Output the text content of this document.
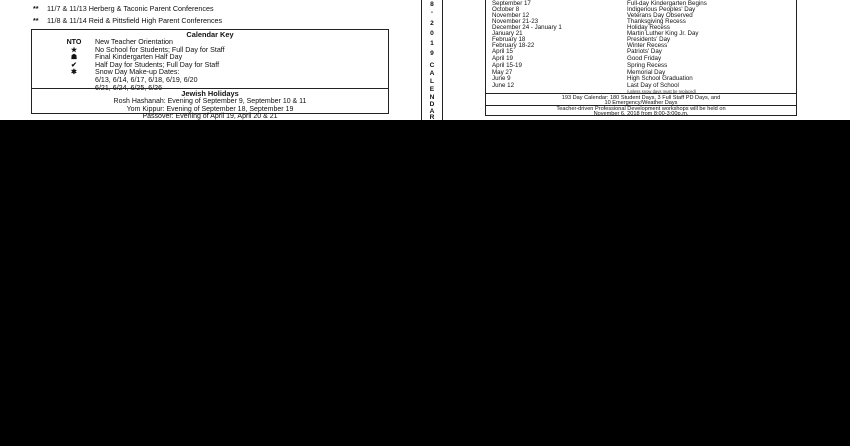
** 11/7 & 11/13 Herberg & Taconic Parent Conferences
** 11/8 & 11/14 Reid & Pittsfield High Parent Conferences
Calendar Key
NTO	New Teacher Orientation
★	No School for Students; Full Day for Staff
☗	Final Kindergarten Half Day
✔	Half Day for Students; Full Day for Staff
✱	Snow Day Make-up Dates:
6/13, 6/14, 6/17, 6/18, 6/19, 6/20
6/21, 6/24, 6/25, 6/26
Jewish Holidays
Rosh Hashanah: Evening of September 9, September 10 & 11
Yom Kippur: Evening of September 18, September 19
Passover: Evening of April 19, April 20 & 21
8
-
2
0
1
9
C
A
L
E
N
D
A
R
September 17	Full-day Kindergarten Begins
October 8	Indigenous Peoples' Day
November 12	Veterans Day Observed
November 21-23	Thanksgiving Recess
December 24 - January 1	Holiday Recess
January 21	Martin Luther King Jr. Day
February 18	Presidents' Day
February 18-22	Winter Recess
April 15	Patriots' Day
April 19	Good Friday
April 15-19	Spring Recess
May 27	Memorial Day
June 9	High School Graduation
June 12	Last Day of School
(unless snow days must be replaced)
193 Day Calendar: 180 Student Days, 3 Full Staff PD Days, and
10 Emergency/Weather Days
Teacher-driven Professional Development workshops will be held on
November 6, 2018 from 8:00-3:00p.m.
